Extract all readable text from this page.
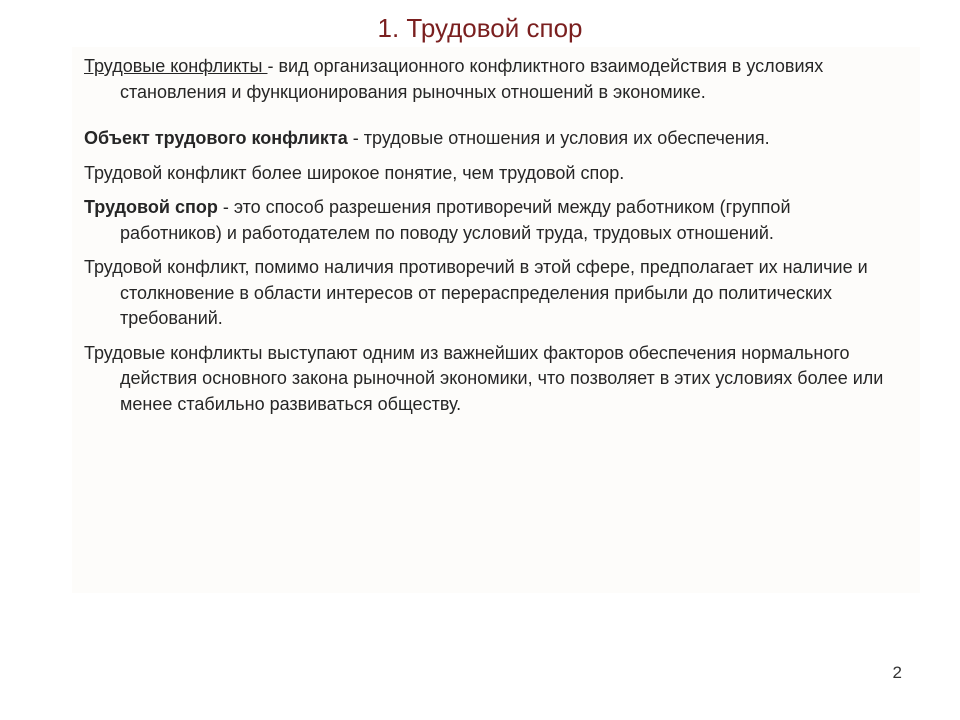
1. Трудовой спор

Трудовые конфликты - вид организационного конфликтного взаимодействия в условиях становления и функционирования рыночных отношений в экономике.

Объект трудового конфликта - трудовые отношения и условия их обеспечения.

Трудовой конфликт более широкое понятие, чем трудовой спор.

Трудовой спор - это способ разрешения противоречий между работником (группой работников) и работодателем по поводу условий труда, трудовых отношений.

Трудовой конфликт, помимо наличия противоречий в этой сфере, предполагает их наличие и столкновение в области интересов от перераспределения прибыли до политических требований.

Трудовые конфликты выступают одним из важнейших факторов обеспечения нормального действия основного закона рыночной экономики, что позволяет в этих условиях более или менее стабильно развиваться обществу.

2
